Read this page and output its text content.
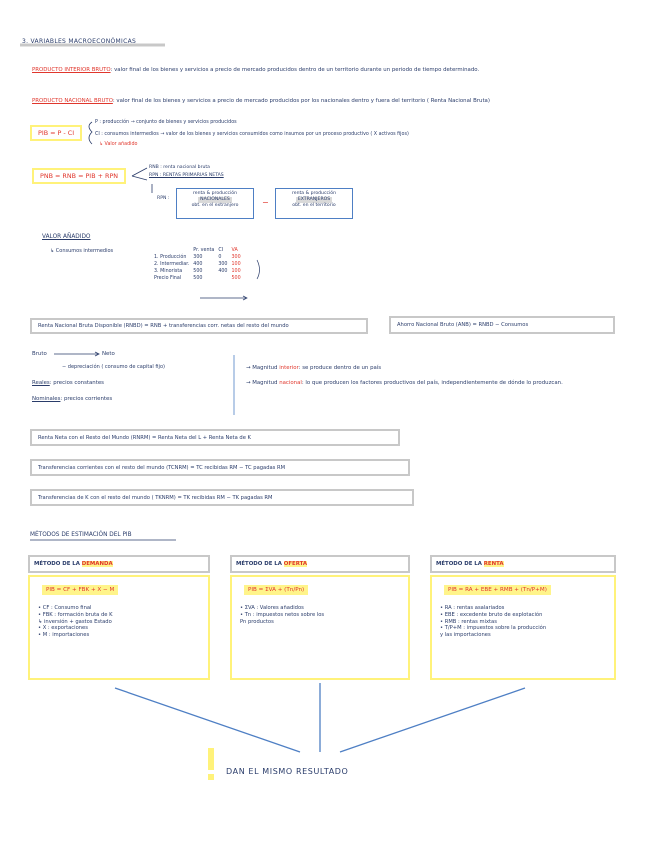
3. VARIABLES MACROECONÓMICAS
PRODUCTO INTERIOR BRUTO: valor final de los bienes y servicios a precio de mercado producidos dentro de un territorio durante un periodo de tiempo determinado.
PRODUCTO NACIONAL BRUTO: valor final de los bienes y servicios a precio de mercado producidos por los nacionales dentro y fuera del territorio ( Renta Nacional Bruta)
PIB = P - CI
P : producción → conjunto de bienes y servicios producidos
CI : consumos intermedios → valor de los bienes y servicios consumidos como insumos por un proceso productivo ( X activos fijos)
↳ Valor añadido
PNB = RNB = PIB + RPN
RNB : renta nacional bruta
RPN : RENTAS PRIMARIAS NETAS
RPN :
renta & producción
NACIONALES
obt. en el extranjero	−
renta & producción
EXTRANJEROS
obt. en el territorio
VALOR AÑADIDO
↳ Consumos intermedios
		Pr. venta	CI	VA
1. Producción	300	0	300
2. Intermediar.	400	300	100
3. Minorista	500	400	100
Precio Final	500		500
Renta Nacional Bruta Disponible (RNBD) = RNB + transferencias corr. netas del resto del mundo	Ahorro Nacional Bruto (ANB) = RNBD − Consumos
Bruto	Neto
− depreciación ( consumo de capital fijo)
Reales: precios constantes
Nominales: precios corrientes
→ Magnitud interior: se produce dentro de un país
→ Magnitud nacional: lo que producen los factores productivos del país, independientemente de dónde lo produzcan.
Renta Neta con el Resto del Mundo (RNRM) = Renta Neta del L + Renta Neta de K
Transferencias corrientes con el resto del mundo (TCNRM) = TC recibidas RM − TC pagadas RM
Transferencias de K con el resto del mundo ( TKNRM) = TK recibidas RM − TK pagadas RM
MÉTODOS DE ESTIMACIÓN DEL PIB
MÉTODO DE LA DEMANDA
PIB = CF + FBK + X − M
• CF : Consumo final
• FBK : formación bruta de K
↳ inversión + gastos Estado
• X : exportaciones
• M : importaciones
MÉTODO DE LA OFERTA
PIB = ΣVA + (Tn/Pn)
• ΣVA : Valores añadidos
• Tn : impuestos netos sobre los
Pn productos
MÉTODO DE LA RENTA
PIB = RA + EBE + RMB + (Tn/P+M)
• RA : rentas asalariados
• EBE : excedente bruto de explotación
• RMB : rentas mixtas
• T/P+M : impuestos sobre la producción
y las importaciones
DAN EL MISMO RESULTADO
